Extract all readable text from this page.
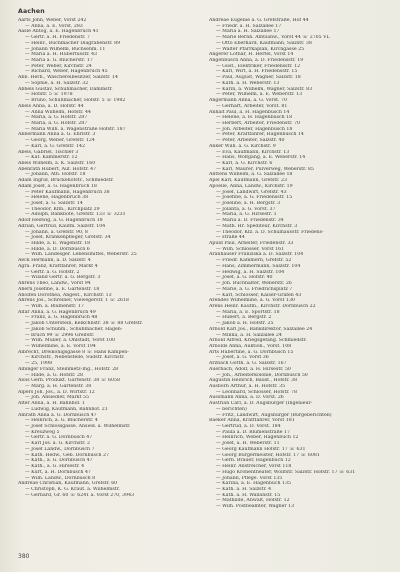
Aachen
Aarts John, Weber, Vorst 242
— Anna, a. E. Vorst, 283
Aasle Antog, a. E. Hagenbruch 41
— Gertr. a. H. Friedenstr. 7
— Heinr., Buchmacher Diagrabenstr. 89
— Johann Wilhelm, Büchsenm. 11
— Maria a. H. Hubertusstr. 43
— Maria a. G. Blücherstr. 17
— Peter, Weber, Kirchstr. 24
— Richard, Weber, Hagenbruch 45
Abb. Herb., Wäschereibesitzer, Salzstr. 14
— Sophie, a. H. Salzstr. 32
Abbels Gustav, Schuhmacher, Dammstr.
— Hofstr. 5 ☏ 1978
— Bruno, Schuhmacher, Hofstr. 5 ☏ 1982
Abels Anna, a. D. Hofstr. 44
— Anna Wilhelm, Hofstr. 44
— Maria, a. G. Hofstr. 287
— Maria, a. G. Hofstr. 287
— Maria Wilh. a. Wagenstraße Hofstr. 187
Abbermann Anna a. G. Ehrlstr. 3
— Georg, Weber, Grefstr. 124
— Karl, a. G. Grefstr. 142
Abels, Gabriel, Tischler 3
— Kat. Kammerstr. 12
Abels Wilhelm, a. K. Salzstr. 160
Abenrath Hubert, Auf. Hofstr. 47
— Johann, Ath. Hofstr. 18
Adam Ingrid, Brückehofstr., Schmiedstr.
Adam Josef, a. G. Hagenbruch 18
— Peter Kaufmann, Hagenbruch 38
— Helene, Hagenbruch 38
— Josef, a. G. Salzstr. 14
— Theodor, Kfm., Kirchplatz 29
— Adolph, Bankbote, Grefstr. 133 ☏ 3231
Adolf Hedwig, a. G. Hagenbruch 18
Adrian, Gertrud, Kaufm. Salzstr. 104
— Johann, a. Grefstr. 90, 8
— Josef, Krankenpfleger, Grefstr. 34
— Hilde, a. E. Wagenstr. 18
— Hilde, a. D. Dornbusch 6
— Wilh. Landesger. Lebensmittel, Weberstr. 25
Aeck Hermann, a. D. Salzstr. 4
Agra. Franz, Kraftfahrer, Markt 4
— Gertr. a. G. Hofstr. 2
— Wiland Gertr. a. G. Bergstr. 3
Ahrens Theo, Landw., Vorst 94
Ahern Josefine, a. E. Gartenstr. 18
Aholfen Dorothea, Angest., Kirchstr. 13
Ahrens Jos., Schreiner, Viewegerstr. 1 ☏ 2618
— Wilh. a. Blumenstr. 17
Alfar Anna, a. G. Hagenbruch 49
— Franz, a. G. Hagenbruch 48
— Jakob Unterstein, Kelkchhstr. 38 ☏ 88 Grefstr.
— Jakob Schuhm., Schuhmacher, Hagen-
— bruch 99 ☏ 2996 Greifstr.
— Wilh. Müller, a. Ohlstadt, Vorst 100
— Wilhelmine, a. E. Vorst 194
Albrecht, Dreikönigsgasse 8 ☏ Hans Kampen-
— Kirchstr., Nebenstelle, Südstr. Kirchstr.
— 25, 1998
Albinger Franz, Steinmetz-Ing., Hofstr. 28
— Hilde, a. G. Hofstr. 28
Alois Gerh. Produkt. Gartenstr. 38 ☏ 6058
— Marg. a. H. Gartenstr. 38
Alpers Joh. Jos., a. D. Wirtstr. 12
— Joh. Ansiedler, Markt 55
Alter Anna, a. H. Bahnhof. 1
— Ludwig, Kaufmann, Bahnhof. 21
Amrath Anna a. G. Dornbusch 47
— Heinrich, a. G. Blücherstr. 4
— Josef Schlossgasse, Ansied. a. Wilhelmstr.
— Kreuzweg 5
— Gertr. a. G. Dornbusch 47
— Karl Jos. a. G. Kirchstr. 2
— Josef Landw., Dornbusch 7
— Kath. Hedw., Geb. Dornbusch 27
— Kath., a. G. Dornbusch 47
— Kath., a. G. Hirsestr. 4
— Kurt, a. H. Dornbusch 47
— Wilh. Landw., Dornbusch 8
Andreae Christian, Kaufmann, Grefstr. 60
— Christoph, K. G. Kraut. a. Wilhelmstr.
— Gerhard, Gr. 60 ☏ 6241 a. Vorst 270, 3943
Andreae Eugenie a. G. Grefstraße, Hof 44
— Friedr. a. H. Salzallee 17
— Maria a. H. Salzallee 17
— Marie Bernh. Amtsanw., Vorst 44 ☏ 2705 VL
— Otto Eberhard, Kaufmann, Salzstr. 38
— Walter Pfarrkaplan, Kirchgasse 25
Angerer Lothar, H. Hertel, Vorst 14
Angenbusch Anna, a. D. Friedensstr. 19
— Gust., Elektriker, Friedensstr. 12
— Karl, Wirt, a. H. Friedensstr. 15
— Paul, August, Wagner, Salzstr. 18
— Kath. a. H. Weberstr. 13
— Karin, a. Wilhelm, Wagner, Salzstr. 83
— Peter, Wilhelm, a. E. Weberstr. 13
Angermann Anna, a. G. Vorst. 70
— Gerhart, Arbeiter, Vorst. 81
Anhalt Paul, a. H. Hagenbusch 14
— Helene, a. H. Hagenbusch 18
— Herbert, Arbeiter, Friedenstr. 70
— Joh. Arbeiter, Hagenbusch 18
— Peter, Kraftfahrer, Hagenbusch 14
— Peter, Arbeiter, Salzstr. 40
Anker Wilh. a. G. Kirchstr. 9
— Eva, Kaufmann, Kirchstr. 13
— Hans, Wolfgang, a. E. Weberstr. 14
— Karl, a. G. Kirchstr. 6
— Karl, Maurer, Pulverweg, Weberstr. 85
Anttens Wilhelm, a. G. Salzallee 18
Apel Karl, Kaufmann, Grefstr. 23
Apoelle, Anna, Landw., Kirchstr. 19
— Josef, Landwirt, Grefstr. 43
— Josefine, a. G. Friedensstr. 15
— Joseline, a. H. Bergstr. 3
— Jolanta, a. G. Vorst. 37
— Maria, a. G. Hirsestr. 1
— Maria a. D. Friedenstr. 34
— Math. Hr. Spediteur, Kirchstr. 3
— Theodor, Kfz. a. D. Schulhausstr. Friedens-
— straße 44
Apuld Paul, Arbeiter, Friedenstr. 33
— Wilh. Schlosser, Vorst 161
Aranhauser Franziska a. D. Salzstr. 104
— Friedr. Kammern, Grefstr. 52
— Hans, Zimmermann, Salzstr. 104
— Hedwig, a. H. Salzstr. 104
— Josef, a. G. Hofstr. 40
— Joh. Buchhalter, Weberstr. 26
— Marie, a. G. Friedrichsplatz 7
— Karl, Schlosser, Kaiser-Grafen 43
Arendes Wilhelmine, a. G. Vorst 130
Arens Heinr. Kaufm., Kirchstr. Dornbusch 22
— Maria, a. E. Sportstr. 18
— Hubert, a. Bergstr. 2
— Jakob a. H. Hofstr. 25
Arnold Karl Jos., Bankdirektor, Salzallee 24
— Minna, a. H. Salzallee 24
Arnold Alfred, Kriegsgefang. Schmiedstr.
Arnolds Anna, Auktion., Vorst. 108
Arts Hubertine, a. G. Dornbusch 15
— Josef, a. G. Vorst 36
Arzbach Gotth. a. G. Salzstr. 167
Auerbach, Adolf, a. H. Hirsestr. 50
— Joh., Arbeiterkolonie, Dornbusch 50
Augustin Heinrich, Baust., Hofstr. 38
Ausborn Arthur, a. H. Hofstr. 35
— Leonhard, Schlosser, Hofstr. 78
Aussmann Anna, a. D. Vorst. 26
Austrian Carl, a. D. Augsburger (Ingenieur-
— berichten)
— Fritz, Landwirt, Augsburger (Bürgeberichten)
Baeker Anna, Kraftfahrer, Vorst 181
— Gertrud, a. D. Vorst. 184
— Paula a. D. Blumenstraße 17
— Heinrich, Weber, Hagenbuch 12
— Josef, a. H. Weberstr. 11
— Georg Kaufmann Hofstr. 17 ☏ 631
— Georg Bürgermeister, Hofstr. 17 ☏ 6081
— Gerh. Brauer, Hagenbuch 12
— Heinr. Anstreicher, Vorst 118
— Hugo Kronentheater, Wollfstr. Salzstr. Hofstr. 17 ☏ 631
— Johann, Pflege. Vorst 135
— Karina, a. E. Hagenbuch 135
— Kath. a. H. Salzstr. 4
— Kath. a. H. Wallanstr. 15
— Mathilde, Anwalt, Hofstr. 12
— Wilh. Postbeamter, Wagner 13
380
